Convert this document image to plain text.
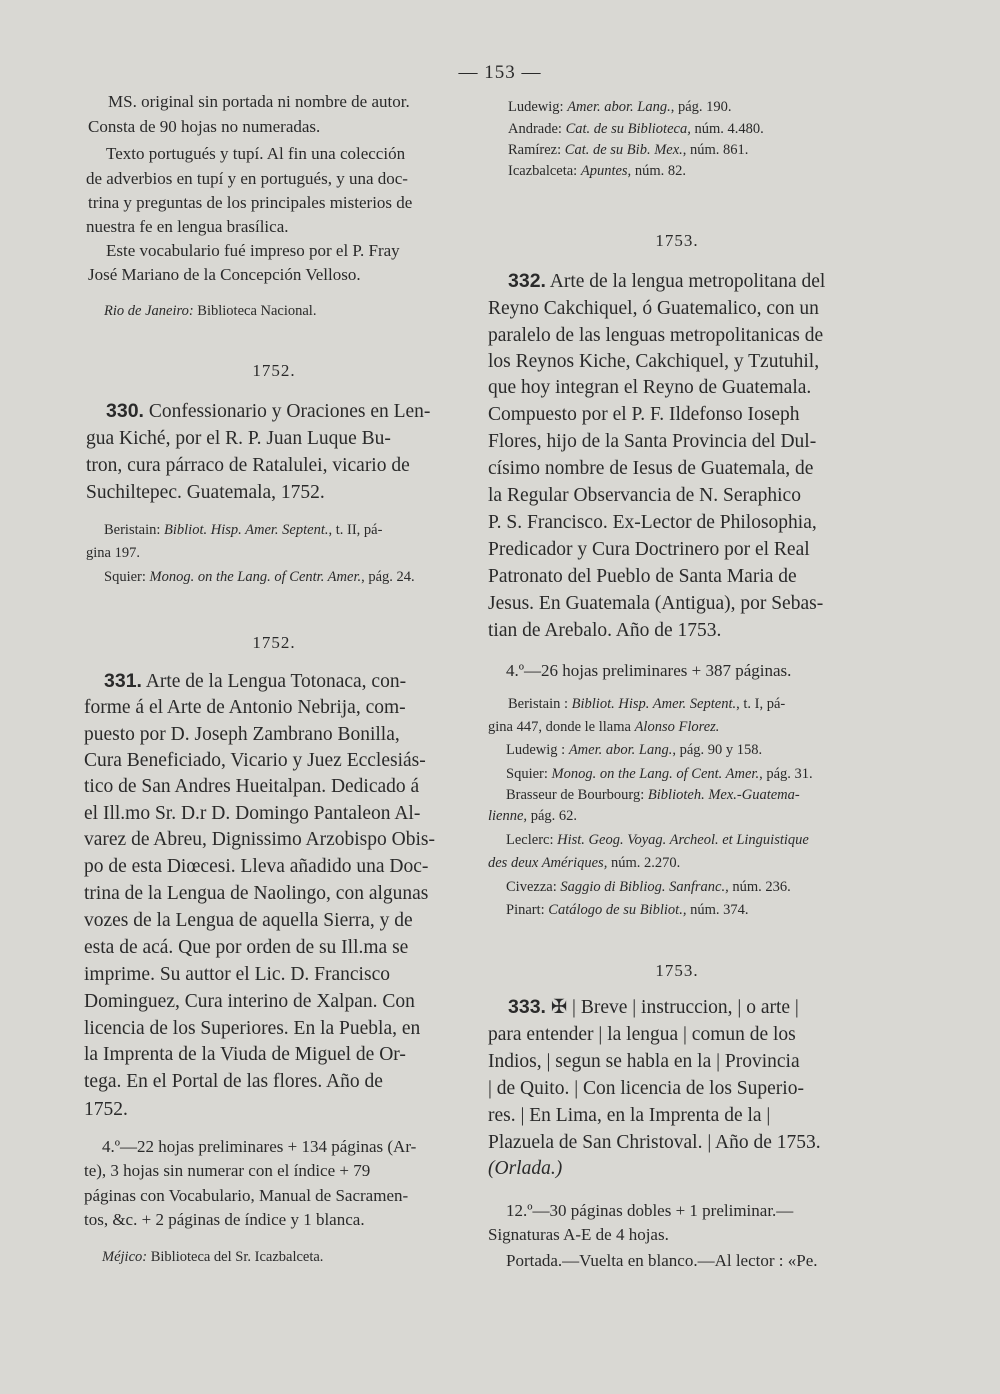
— 153 —
MS. original sin portada ni nombre de autor.
Consta de 90 hojas no numeradas.
Texto portugués y tupí. Al fin una colección
de adverbios en tupí y en portugués, y una doc-
trina y preguntas de los principales misterios de
nuestra fe en lengua brasílica.
Este vocabulario fué impreso por el P. Fray
José Mariano de la Concepción Velloso.
Rio de Janeiro: Biblioteca Nacional.
1752.
330. Confessionario y Oraciones en Len-
gua Kiché, por el R. P. Juan Luque Bu-
tron, cura párraco de Ratalulei, vicario de
Suchiltepec. Guatemala, 1752.
Beristain: Bibliot. Hisp. Amer. Septent., t. II, pá-
gina 197.
Squier: Monog. on the Lang. of Centr. Amer., pág. 24.
1752.
331. Arte de la Lengua Totonaca, con-
forme á el Arte de Antonio Nebrija, com-
puesto por D. Joseph Zambrano Bonilla,
Cura Beneficiado, Vicario y Juez Ecclesiás-
tico de San Andres Hueitalpan. Dedicado á
el Ill.mo Sr. D.r D. Domingo Pantaleon Al-
varez de Abreu, Dignissimo Arzobispo Obis-
po de esta Diœcesi. Lleva añadido una Doc-
trina de la Lengua de Naolingo, con algunas
vozes de la Lengua de aquella Sierra, y de
esta de acá. Que por orden de su Ill.ma se
imprime. Su auttor el Lic. D. Francisco
Dominguez, Cura interino de Xalpan. Con
licencia de los Superiores. En la Puebla, en
la Imprenta de la Viuda de Miguel de Or-
tega. En el Portal de las flores. Año de
1752.
4.º—22 hojas preliminares + 134 páginas (Ar-
te), 3 hojas sin numerar con el índice + 79
páginas con Vocabulario, Manual de Sacramen-
tos, &c. + 2 páginas de índice y 1 blanca.
Méjico: Biblioteca del Sr. Icazbalceta.
Ludewig: Amer. abor. Lang., pág. 190.
Andrade: Cat. de su Biblioteca, núm. 4.480.
Ramírez: Cat. de su Bib. Mex., núm. 861.
Icazbalceta: Apuntes, núm. 82.
1753.
332. Arte de la lengua metropolitana del
Reyno Cakchiquel, ó Guatemalico, con un
paralelo de las lenguas metropolitanicas de
los Reynos Kiche, Cakchiquel, y Tzutuhil,
que hoy integran el Reyno de Guatemala.
Compuesto por el P. F. Ildefonso Ioseph
Flores, hijo de la Santa Provincia del Dul-
císimo nombre de Iesus de Guatemala, de
la Regular Observancia de N. Seraphico
P. S. Francisco. Ex-Lector de Philosophia,
Predicador y Cura Doctrinero por el Real
Patronato del Pueblo de Santa Maria de
Jesus. En Guatemala (Antigua), por Sebas-
tian de Arebalo. Año de 1753.
4.º—26 hojas preliminares + 387 páginas.
Beristain : Bibliot. Hisp. Amer. Septent., t. I, pá-
gina 447, donde le llama Alonso Florez.
Ludewig : Amer. abor. Lang., pág. 90 y 158.
Squier: Monog. on the Lang. of Cent. Amer., pág. 31.
Brasseur de Bourbourg: Biblioteh. Mex.-Guatema-
lienne, pág. 62.
Leclerc: Hist. Geog. Voyag. Archeol. et Linguistique
des deux Amériques, núm. 2.270.
Civezza: Saggio di Bibliog. Sanfranc., núm. 236.
Pinart: Catálogo de su Bibliot., núm. 374.
1753.
333. ✠ | Breve | instruccion, | o arte |
para entender | la lengua | comun de los
Indios, | segun se habla en la | Provincia
| de Quito. | Con licencia de los Superio-
res. | En Lima, en la Imprenta de la |
Plazuela de San Christoval. | Año de 1753.
(Orlada.)
12.º—30 páginas dobles + 1 preliminar.—
Signaturas A-E de 4 hojas.
Portada.—Vuelta en blanco.—Al lector : «Pe.
